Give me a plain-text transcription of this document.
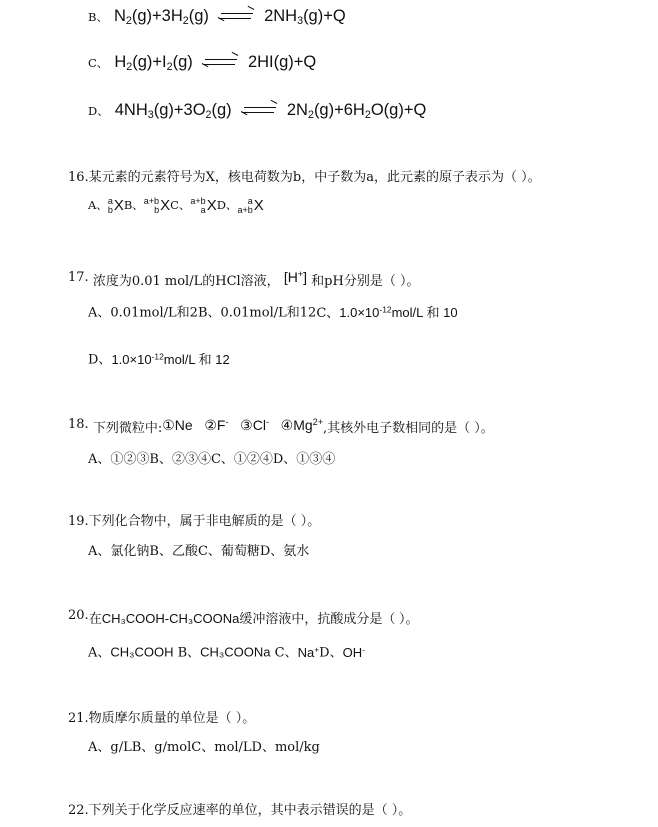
B、 $N_2(g)+3H_2(g)$	$2NH_3(g)+Q$
C、 $H_2(g)+I_2(g)$	2HI(g)+Q
D、 $4NH_3(g)+3O_2(g)$	$2N_2(g)+6H_2O(g)+Q$
16.某元素的元素符号为X，核电荷数为b，中子数为a，此元素的原子表示为（ ）。
A、a
bXB、a+b
bXC、a+b
aXD、 a
a+bX
17. 浓度为0.01 mol/L的HCl溶液， [H+] 和pH分别是（ ）。
A、0.01mol/L和2B、0.01mol/L和12C、$1.0\times 10^{-12}mol/L$ 和 10
D、$1.0\times 10^{-12}mol/L$ 和 12
18. 下列微粒中:①Ne ②F- ③Cl- $④Mg^{2+}$,其核外电子数相同的是（ ）。
A、①②③B、②③④C、①②④D、①③④
19.下列化合物中，属于非电解质的是（ ）。
A、氯化钠B、乙酸C、葡萄糖D、氨水
20.在CH₃COOH-CH₃COONa缓冲溶液中，抗酸成分是（ ）。
A、CH₃COOH B、CH₃COONa C、Na+D、OH-
21.物质摩尔质量的单位是（ ）。
A、g/LB、g/molC、mol/LD、mol/kg
22.下列关于化学反应速率的单位，其中表示错误的是（ ）。
